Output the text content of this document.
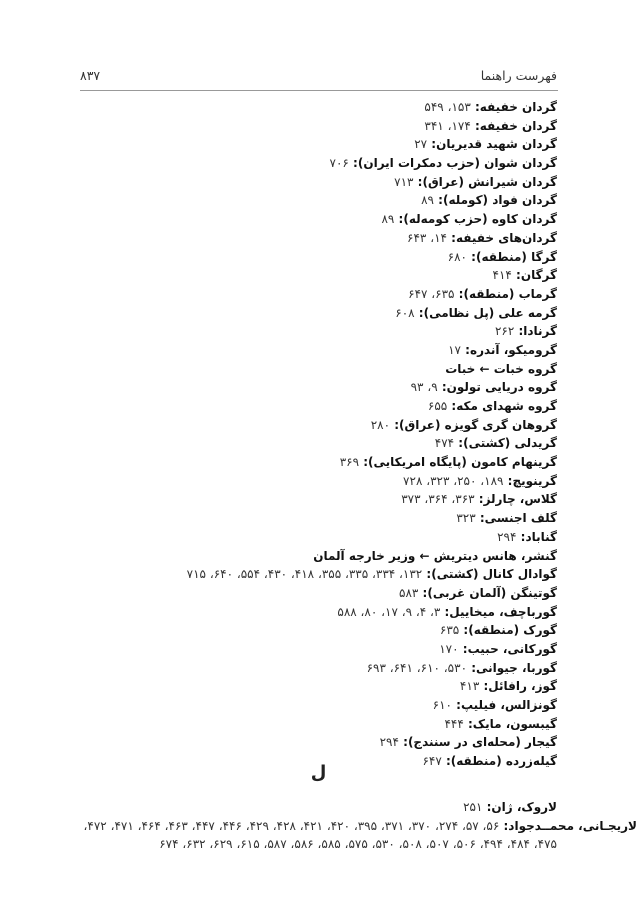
فهرست راهنما
۸۳۷
گردان خفیفه: ۱۵۳، ۵۴۹
گردان خفیفه: ۱۷۴، ۳۴۱
گردان شهید قدیریان: ۲۷
گردان شوان (حزب دمکرات ایران): ۷۰۶
گردان شیرانش (عراق): ۷۱۳
گردان فواد (کومله): ۸۹
گردان کاوه (حزب کومه‌له): ۸۹
گردان‌های خفیفه: ۱۴، ۶۴۳
گرگا (منطقه): ۶۸۰
گرگان: ۴۱۴
گرماب (منطقه): ۶۳۵، ۶۴۷
گرمه علی (پل نظامی): ۶۰۸
گرنادا: ۲۶۲
گرومیکو، آندره: ۱۷
گروه خبات ← خبات
گروه دریایی تولون: ۹، ۹۳
گروه شهدای مکه: ۶۵۵
گروهان گری گویزه (عراق): ۲۸۰
گریدلی (کشتی): ۴۷۴
گرینهام کامون (پایگاه امریکایی): ۳۶۹
گرینویچ: ۱۸۹، ۲۵۰، ۳۲۳، ۷۲۸
گلاس، چارلز: ۳۶۳، ۳۶۴، ۳۷۳
گلف اجنسی: ۳۲۳
گناباد: ۲۹۴
گنشر، هانس دیتریش ← وزیر خارجه آلمان
گوادال کانال (کشتی): ۱۳۲، ۳۳۴، ۳۳۵، ۳۵۵، ۴۱۸، ۴۳۰، ۵۵۴، ۶۴۰، ۷۱۵
گوتینگن (آلمان غربی): ۵۸۳
گورباچف، میخاییل: ۳، ۴، ۹، ۱۷، ۸۰، ۵۸۸
گورک (منطقه): ۶۳۵
گورکانی، حبیب: ۱۷۰
گوربا، جیوانی: ۵۳۰، ۶۱۰، ۶۴۱، ۶۹۳
گوز، رافائل: ۴۱۳
گونزالس، فیلیپ: ۶۱۰
گیبسون، مایک: ۴۴۴
گیجار (محله‌ای در سنندج): ۲۹۴
گیله‌زرده (منطقه): ۶۴۷
ل
لاروک، ژان: ۲۵۱
لاریجـانی، محمــدجواد: ۵۶، ۵۷، ۲۷۴، ۳۷۰، ۳۷۱، ۳۹۵، ۴۲۰، ۴۲۱، ۴۲۸، ۴۲۹، ۴۴۶، ۴۴۷، ۴۶۳، ۴۶۴، ۴۷۱، ۴۷۲،
۴۷۵، ۴۸۴، ۴۹۴، ۵۰۶، ۵۰۷، ۵۰۸، ۵۳۰، ۵۷۵، ۵۸۵، ۵۸۶، ۵۸۷، ۶۱۵، ۶۲۹، ۶۳۲، ۶۷۴
